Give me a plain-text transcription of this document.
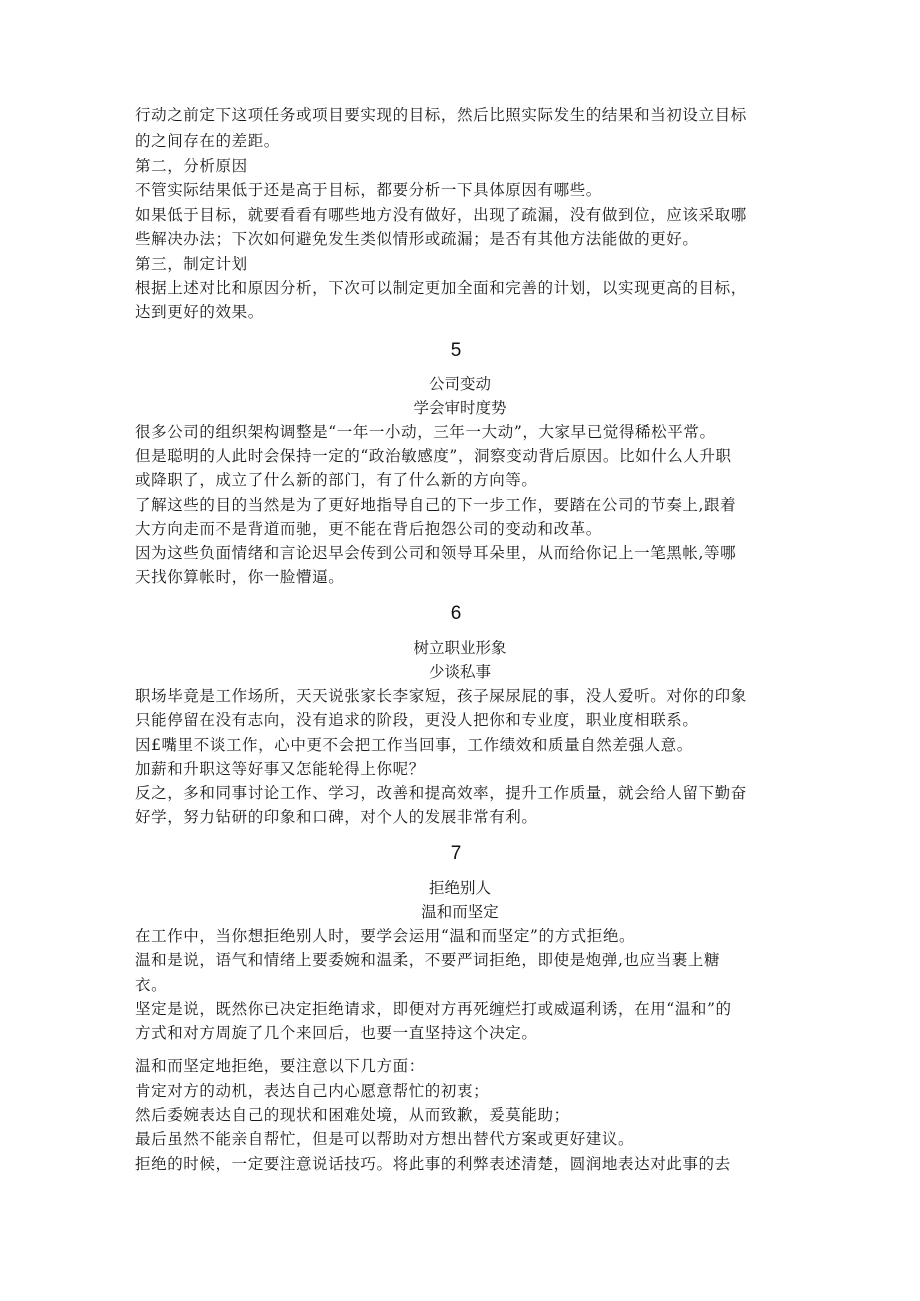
行动之前定下这项任务或项目要实现的目标，然后比照实际发生的结果和当初设立目标
的之间存在的差距。
第二，分析原因
不管实际结果低于还是高于目标，都要分析一下具体原因有哪些。
如果低于目标，就要看看有哪些地方没有做好，出现了疏漏，没有做到位，应该采取哪
些解决办法；下次如何避免发生类似情形或疏漏；是否有其他方法能做的更好。
第三，制定计划
根据上述对比和原因分析，下次可以制定更加全面和完善的计划，以实现更高的目标，
达到更好的效果。
5
公司变动
学会审时度势
很多公司的组织架构调整是“一年一小动，三年一大动”，大家早已觉得稀松平常。
但是聪明的人此时会保持一定的“政治敏感度”，洞察变动背后原因。比如什么人升职
或降职了，成立了什么新的部门，有了什么新的方向等。
了解这些的目的当然是为了更好地指导自己的下一步工作，要踏在公司的节奏上,跟着
大方向走而不是背道而驰，更不能在背后抱怨公司的变动和改革。
因为这些负面情绪和言论迟早会传到公司和领导耳朵里，从而给你记上一笔黑帐,等哪
天找你算帐时，你一脸懵逼。
6
树立职业形象
少谈私事
职场毕竟是工作场所，天天说张家长李家短，孩子屎尿屁的事，没人爱听。对你的印象
只能停留在没有志向，没有追求的阶段，更没人把你和专业度，职业度相联系。
因£嘴里不谈工作，心中更不会把工作当回事，工作绩效和质量自然差强人意。
加薪和升职这等好事又怎能轮得上你呢？
反之，多和同事讨论工作、学习，改善和提高效率，提升工作质量，就会给人留下勤奋
好学，努力钻研的印象和口碑，对个人的发展非常有利。
7
拒绝别人
温和而坚定
在工作中，当你想拒绝别人时，要学会运用“温和而坚定”的方式拒绝。
温和是说，语气和情绪上要委婉和温柔，不要严词拒绝，即使是炮弹,也应当裹上糖
衣。
坚定是说，既然你已决定拒绝请求，即便对方再死缠烂打或威逼利诱，在用“温和”的
方式和对方周旋了几个来回后，也要一直坚持这个决定。
温和而坚定地拒绝，要注意以下几方面：
肯定对方的动机，表达自己内心愿意帮忙的初衷；
然后委婉表达自己的现状和困难处境，从而致歉，爰莫能助；
最后虽然不能亲自帮忙，但是可以帮助对方想出替代方案或更好建议。
拒绝的时候，一定要注意说话技巧。将此事的利弊表述清楚，圆润地表达对此事的去
